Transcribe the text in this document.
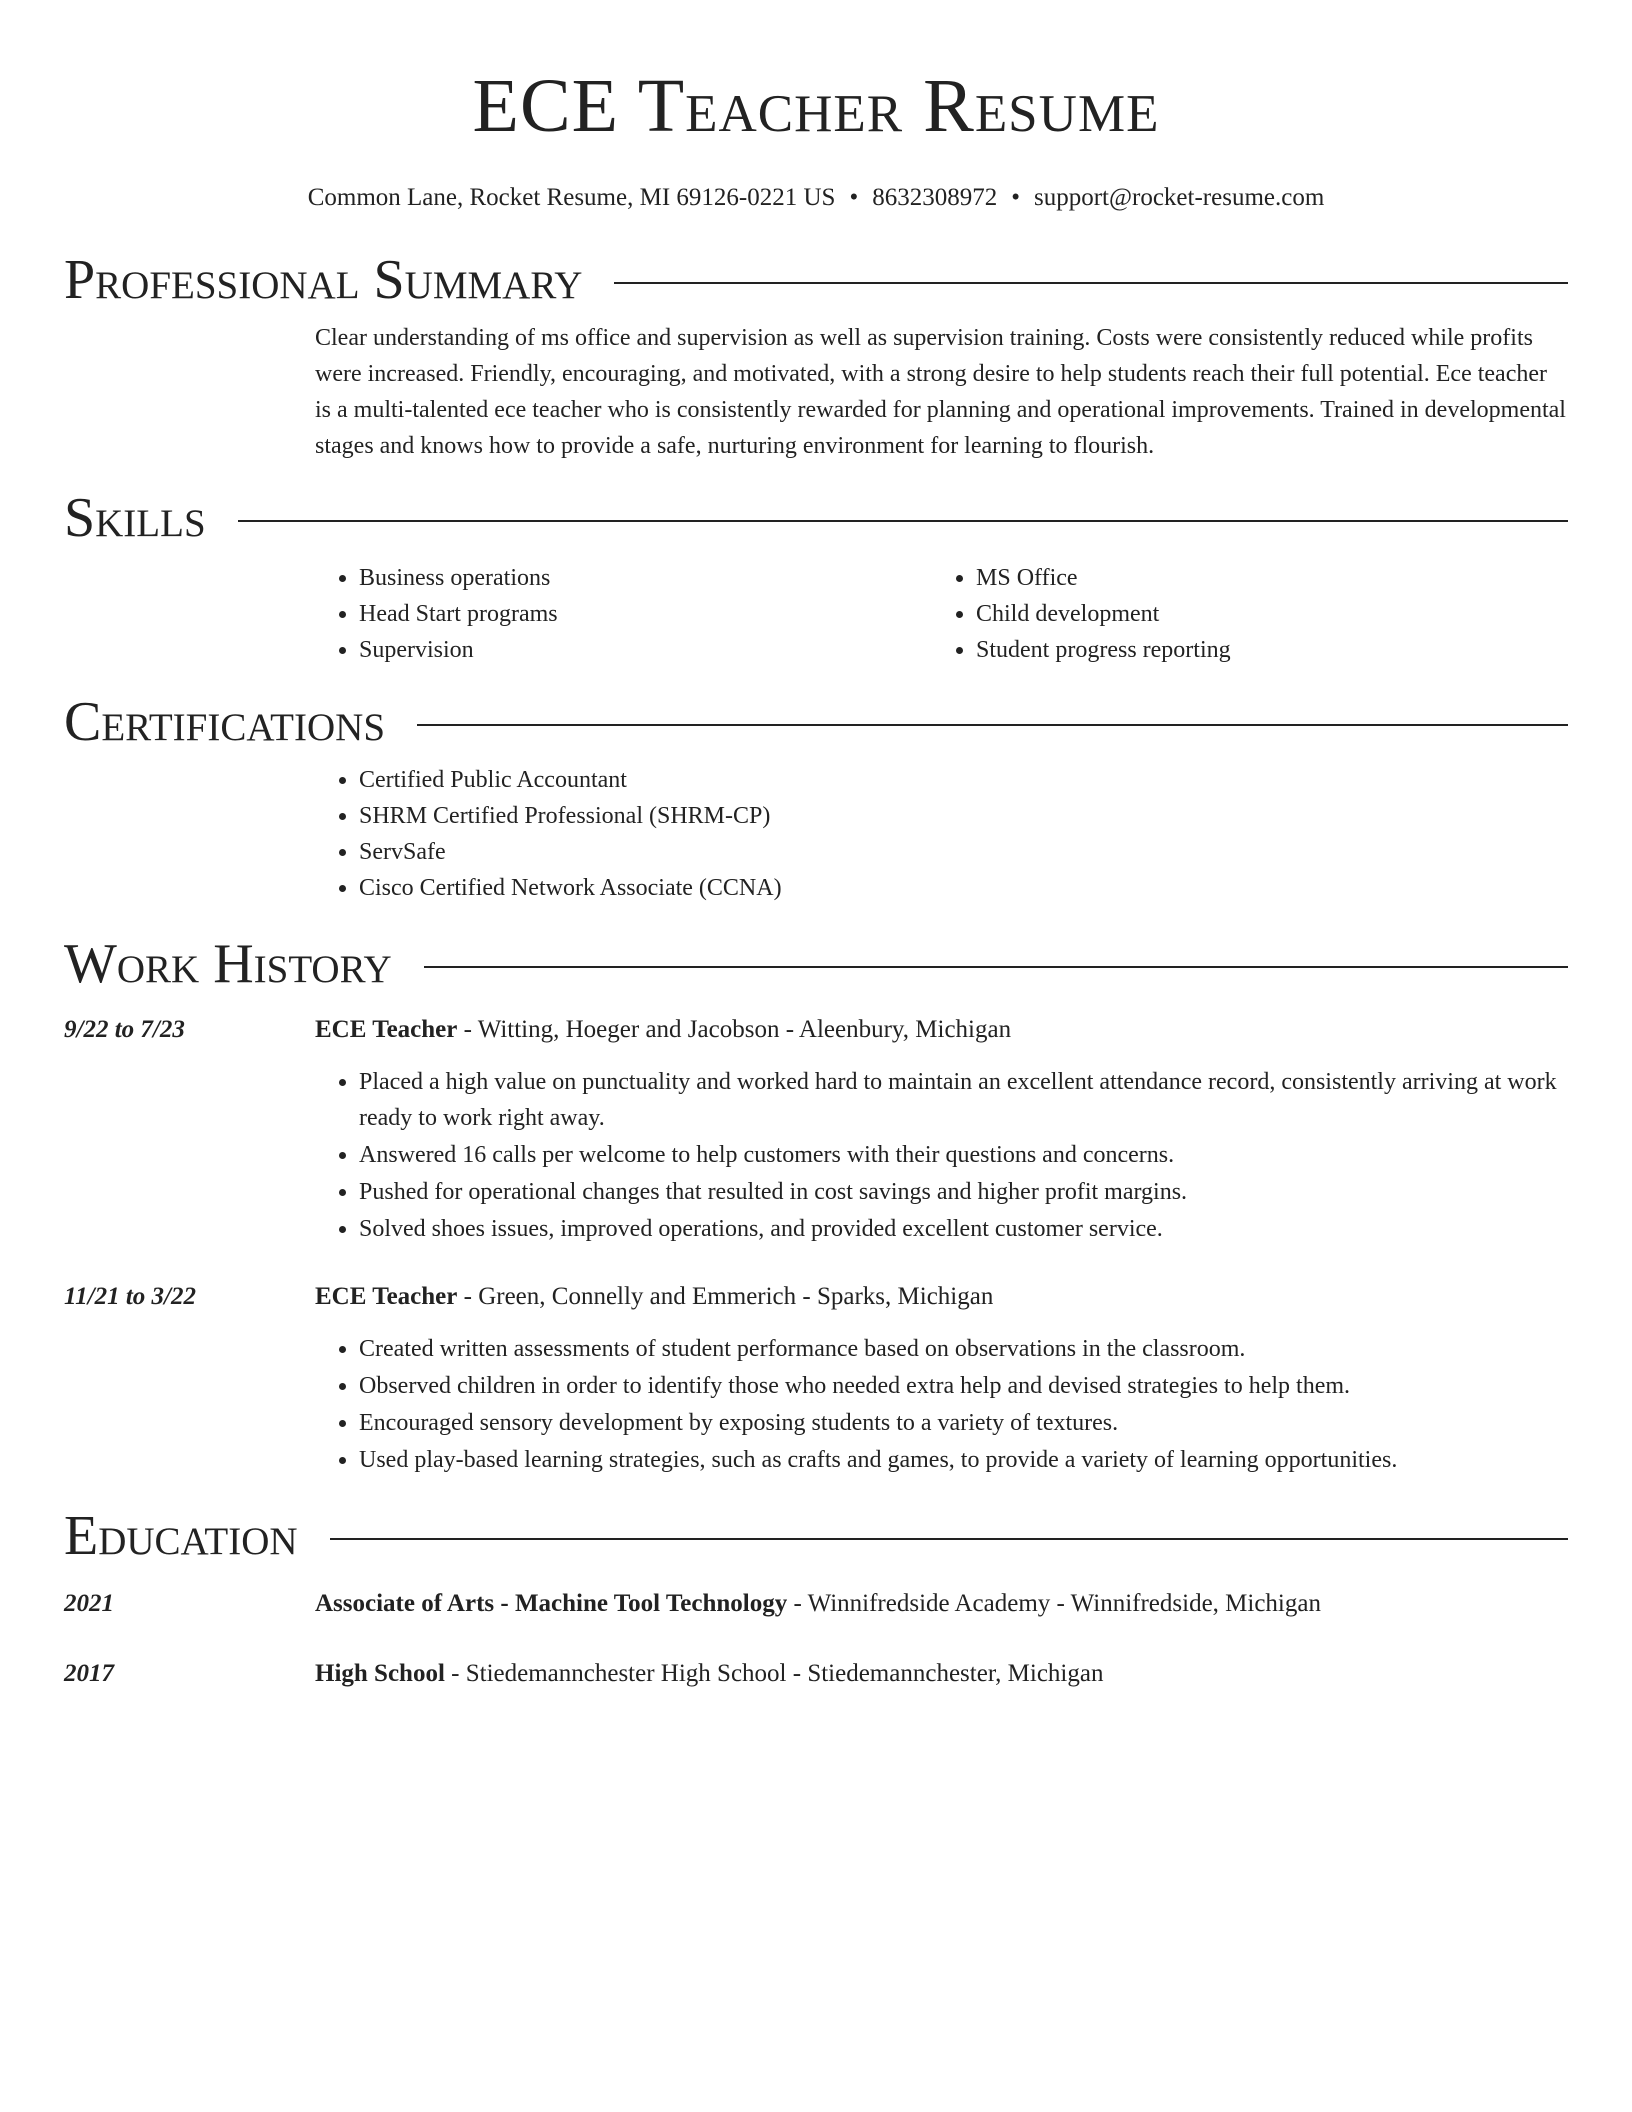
ECE Teacher Resume
Common Lane, Rocket Resume, MI 69126-0221 US • 8632308972 • support@rocket-resume.com
Professional Summary

Clear understanding of ms office and supervision as well as supervision training. Costs were consistently reduced while profits were increased. Friendly, encouraging, and motivated, with a strong desire to help students reach their full potential. Ece teacher is a multi-talented ece teacher who is consistently rewarded for planning and operational improvements. Trained in developmental stages and knows how to provide a safe, nurturing environment for learning to flourish.

Skills
• Business operations
• Head Start programs
• Supervision
• MS Office
• Child development
• Student progress reporting
Certifications
• Certified Public Accountant
• SHRM Certified Professional (SHRM-CP)
• ServSafe
• Cisco Certified Network Associate (CCNA)
Work History
9/22 to 7/23	ECE Teacher - Witting, Hoeger and Jacobson - Aleenbury, Michigan
• Placed a high value on punctuality and worked hard to maintain an excellent attendance record, consistently arriving at work ready to work right away.
• Answered 16 calls per welcome to help customers with their questions and concerns.
• Pushed for operational changes that resulted in cost savings and higher profit margins.
• Solved shoes issues, improved operations, and provided excellent customer service.
11/21 to 3/22	ECE Teacher - Green, Connelly and Emmerich - Sparks, Michigan
• Created written assessments of student performance based on observations in the classroom.
• Observed children in order to identify those who needed extra help and devised strategies to help them.
• Encouraged sensory development by exposing students to a variety of textures.
• Used play-based learning strategies, such as crafts and games, to provide a variety of learning opportunities.
Education
2021	Associate of Arts - Machine Tool Technology - Winnifredside Academy - Winnifredside, Michigan
2017	High School - Stiedemannchester High School - Stiedemannchester, Michigan
